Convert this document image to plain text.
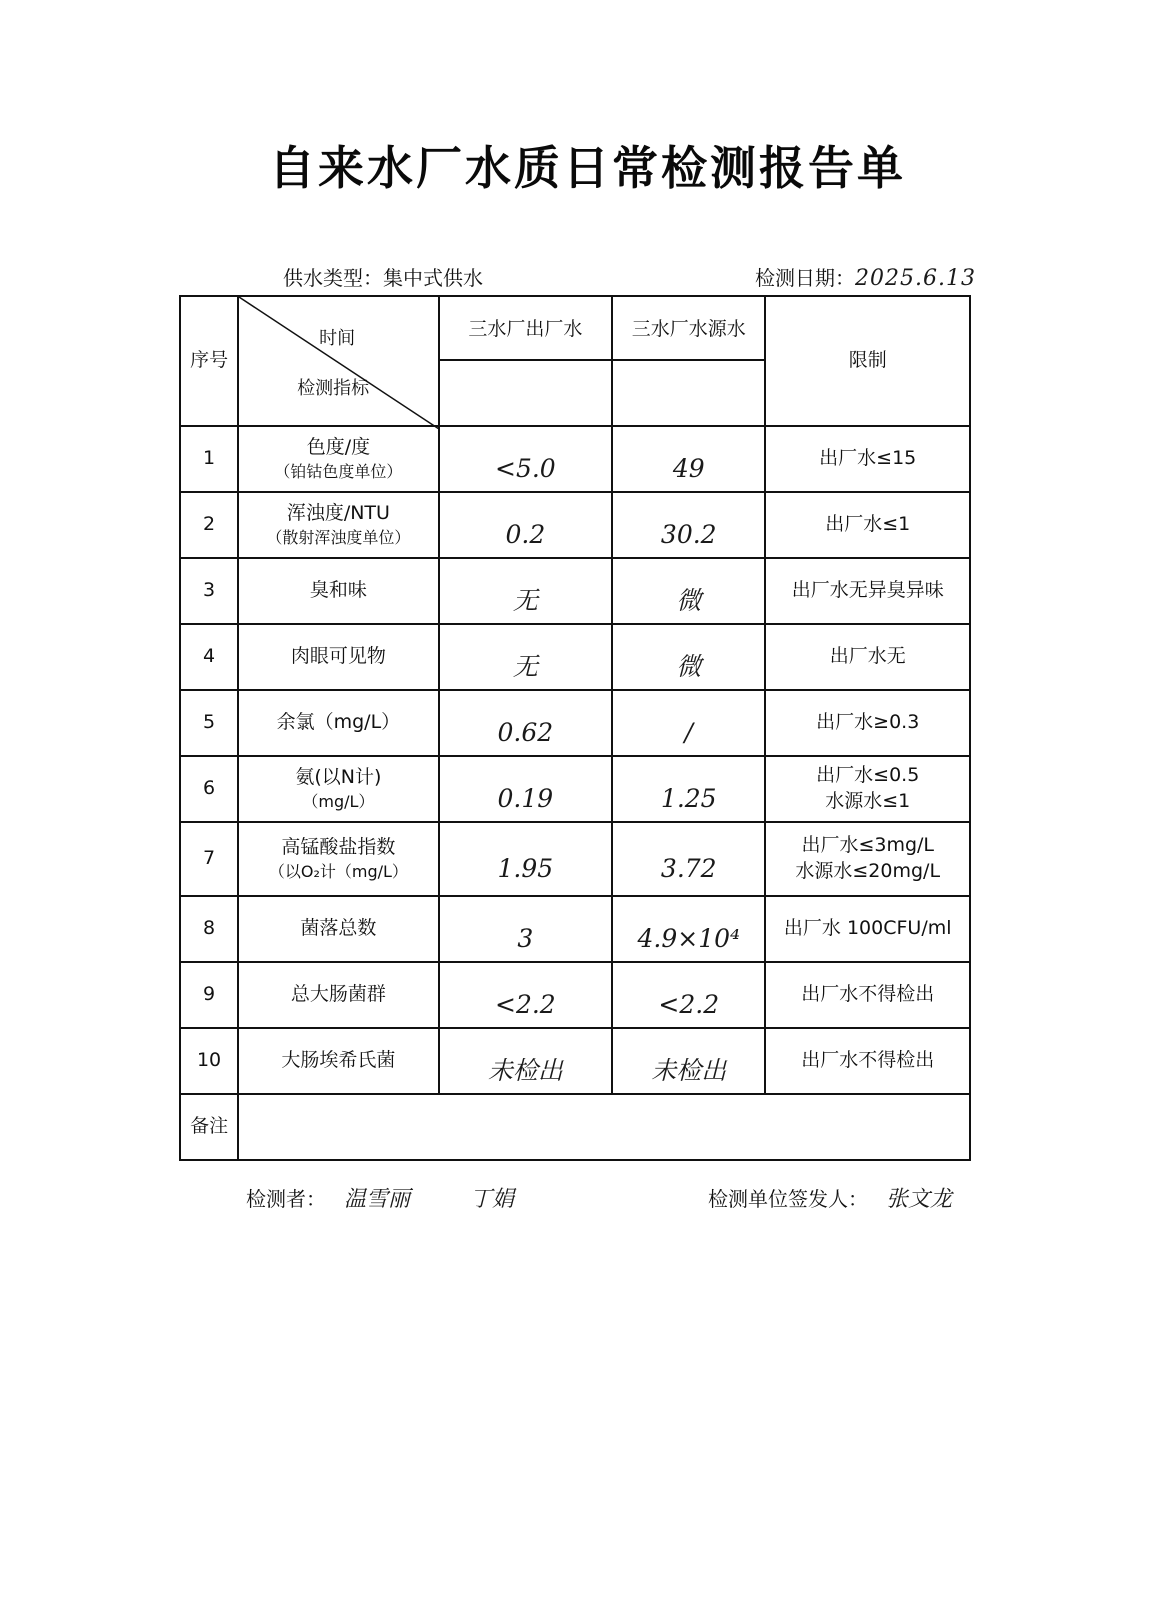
自来水厂水质日常检测报告单
供水类型：集中式供水	检测日期：2025.6.13
序号	时间
检测指标	三水厂出厂水	三水厂水源水	限制

1	色度/度
（铂钴色度单位）	<5.0	49	出厂水≤15
2	浑浊度/NTU
（散射浑浊度单位）	0.2	30.2	出厂水≤1
3	臭和味	无	微	出厂水无异臭异味
4	肉眼可见物	无	微	出厂水无
5	余氯（mg/L）	0.62	/	出厂水≥0.3
6	氨(以N计)
（mg/L）	0.19	1.25	出厂水≤0.5
水源水≤1
7	高锰酸盐指数
（以O₂计（mg/L）	1.95	3.72	出厂水≤3mg/L
水源水≤20mg/L
8	菌落总数	3	4.9×10⁴	出厂水 100CFU/ml
9	总大肠菌群	<2.2	<2.2	出厂水不得检出
10	大肠埃希氏菌	未检出	未检出	出厂水不得检出
备注				
检测者： 温雪丽	丁娟	检测单位签发人： 张文龙
